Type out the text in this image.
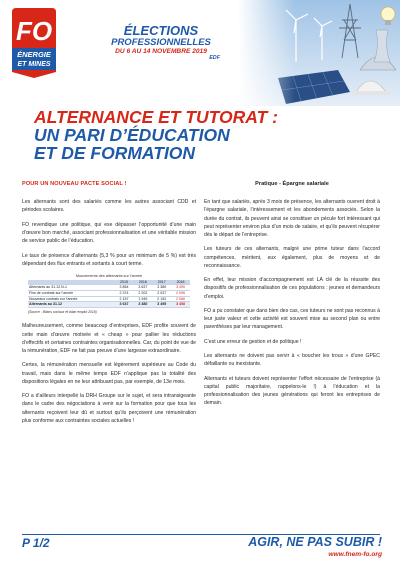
FO
ÉNERGIE
ET MINES
ÉLECTIONS
PROFESSIONNELLES
DU 6 AU 14 NOVEMBRE 2019
EDF
ALTERNANCE ET TUTORAT :
UN PARI D’ÉDUCATION
ET DE FORMATION
POUR UN NOUVEAU PACTE SOCIAL !

Les alternants sont des salariés comme les autres associant CDD et périodes scolaires.

FO revendique une politique, qui ese dépasser l’opportunité d’une main d’œuvre bon marché, associant professionnalisation et une véritable mission de service public de l’éducation.

Le taux de présence d’alternants (5,3 % pour un minimum de 5 %) est très dépendant des flux entrants et sortants à court terme.

Mouvements des alternants sur l’année
	2015	2016	2017	2018
Alternants au 31.12.N-1	3 854	3 637	3 380	3 490
Fins de contrats sur l’année	2 374	2 202	2 037	2 096
Nouveaux contrats sur l’année	2 157	1 945	2 152	2 066
Alternants au 31.12	3 637	3 380	3 495	3 458
(Source : Bilans sociaux et bilan emploi 2018)

Malheureusement, comme beaucoup d’entreprises, EDF profite souvent de cette main d’œuvre motivée et « cheap » pour pallier les réductions d’effectifs et certaines contraintes organisationnelles. Car, du point de vue de la rémunération, EDF ne fait pas preuve d’une largesse extraordinaire.

Certes, la rémunération mensuelle est légèrement supérieure au Code du travail, mais dans le même temps EDF n’applique pas la totalité des dispositions légales en ne leur attribuant pas, par exemple, de 13e mois.

FO a d’ailleurs interpellé la DRH Groupe sur le sujet, et sera intransigeante dans le cadre des négociations à venir sur la formation pour que tous les alternants reçoivent leur dû et surtout qu’ils perçoivent une rémunération plus conforme aux contraintes sociales actuelles !

Pratique - Épargne salariale

En tant que salariés, après 3 mois de présence, les alternants ouvrent droit à l’épargne salariale, l’intéressement et les abondements associés. Selon la durée du contrat, ils peuvent ainsi se constituer un pécule fort intéressant qui peut représenter environ plus d’un mois de salaire, et qu’ils peuvent récupérer dès le départ de l’entreprise.

Les tuteurs de ces alternants, malgré une prime tuteur dans l’accord compétences, méritent, eux également, plus de moyens et de reconnaissance.

En effet, leur mission d’accompagnement est LA clé de la réussite des dispositifs de professionnalisation de ces populations : jeunes et demandeurs d’emploi.

FO a pu constater que dans bien des cas, ces tuteurs ne sont pas reconnus à leur juste valeur et cette activité est souvent mise au second plan ou entre parenthèses par leur management.

C’est une erreur de gestion et de politique !

Les alternants ne doivent pas servir à « boucher les trous » d’une GPEC défaillante ou inexistante.

Alternants et tuteurs doivent représenter l’effort nécessaire de l’entreprise (à capital public majoritaire, rappelons-le !) à l’éducation et la professionnalisation des jeunes générations qui feront les entreprises de demain.

P 1/2	AGIR, NE PAS SUBIR !
www.fnem-fo.org
